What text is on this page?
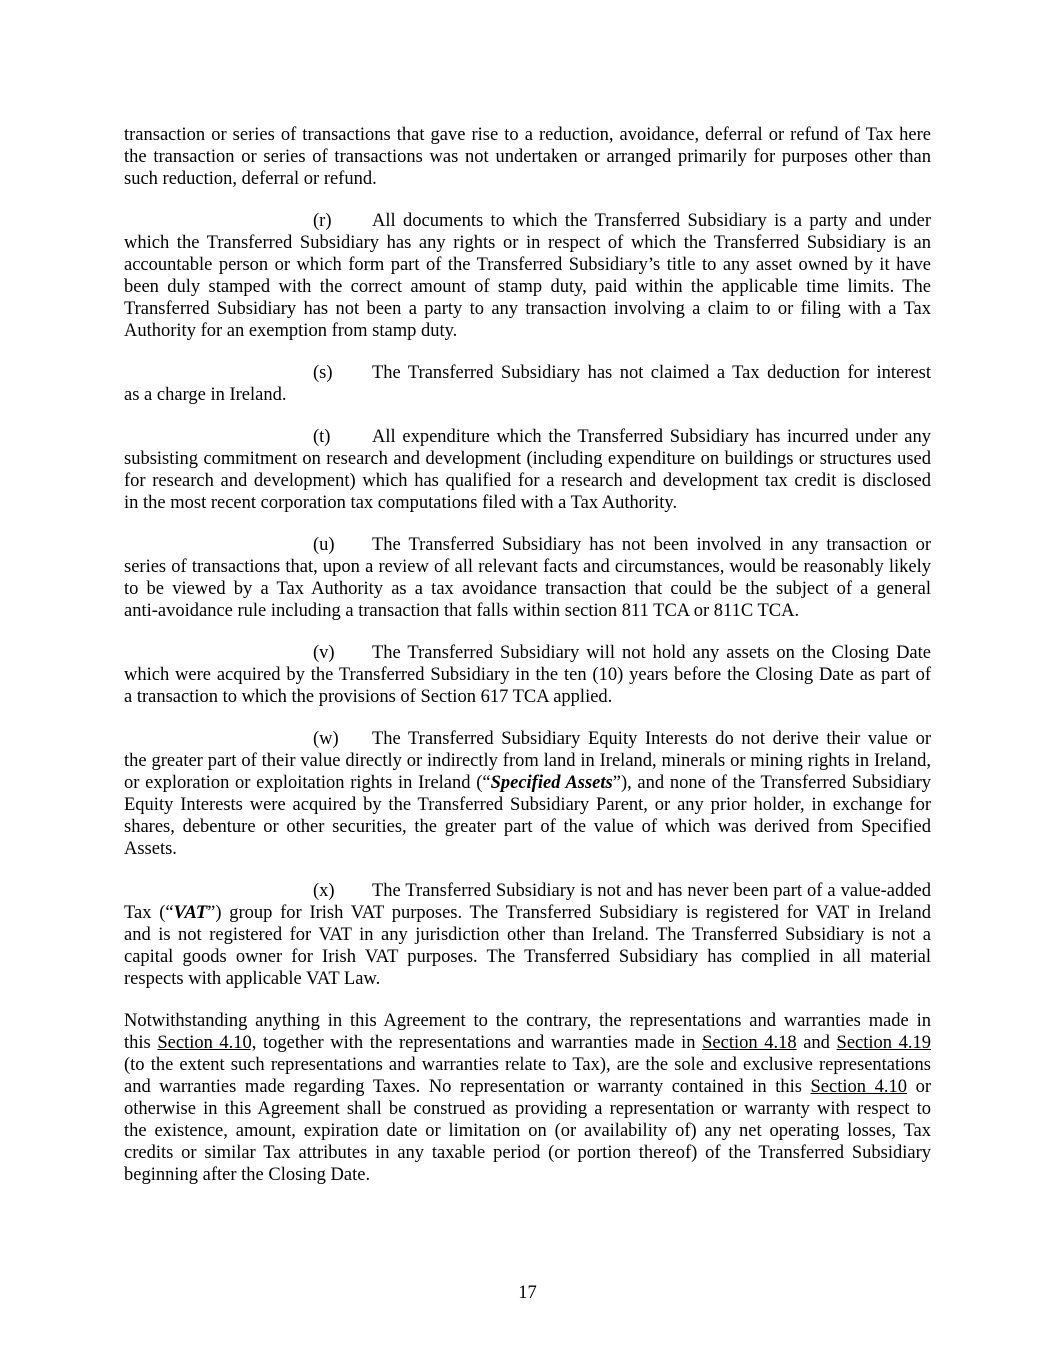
transaction or series of transactions that gave rise to a reduction, avoidance, deferral or refund of Tax here
the transaction or series of transactions was not undertaken or arranged primarily for purposes other than
such reduction, deferral or refund.
(r) All documents to which the Transferred Subsidiary is a party and under
which the Transferred Subsidiary has any rights or in respect of which the Transferred Subsidiary is an
accountable person or which form part of the Transferred Subsidiary’s title to any asset owned by it have
been duly stamped with the correct amount of stamp duty, paid within the applicable time limits. The
Transferred Subsidiary has not been a party to any transaction involving a claim to or filing with a Tax
Authority for an exemption from stamp duty.
(s) The Transferred Subsidiary has not claimed a Tax deduction for interest
as a charge in Ireland.
(t) All expenditure which the Transferred Subsidiary has incurred under any
subsisting commitment on research and development (including expenditure on buildings or structures used
for research and development) which has qualified for a research and development tax credit is disclosed
in the most recent corporation tax computations filed with a Tax Authority.
(u) The Transferred Subsidiary has not been involved in any transaction or
series of transactions that, upon a review of all relevant facts and circumstances, would be reasonably likely
to be viewed by a Tax Authority as a tax avoidance transaction that could be the subject of a general
anti-avoidance rule including a transaction that falls within section 811 TCA or 811C TCA.
(v) The Transferred Subsidiary will not hold any assets on the Closing Date
which were acquired by the Transferred Subsidiary in the ten (10) years before the Closing Date as part of
a transaction to which the provisions of Section 617 TCA applied.
(w) The Transferred Subsidiary Equity Interests do not derive their value or
the greater part of their value directly or indirectly from land in Ireland, minerals or mining rights in Ireland,
or exploration or exploitation rights in Ireland (“Specified Assets”), and none of the Transferred Subsidiary
Equity Interests were acquired by the Transferred Subsidiary Parent, or any prior holder, in exchange for
shares, debenture or other securities, the greater part of the value of which was derived from Specified
Assets.
(x) The Transferred Subsidiary is not and has never been part of a value-added
Tax (“VAT”) group for Irish VAT purposes. The Transferred Subsidiary is registered for VAT in Ireland
and is not registered for VAT in any jurisdiction other than Ireland. The Transferred Subsidiary is not a
capital goods owner for Irish VAT purposes. The Transferred Subsidiary has complied in all material
respects with applicable VAT Law.
Notwithstanding anything in this Agreement to the contrary, the representations and warranties made in
this Section 4.10, together with the representations and warranties made in Section 4.18 and Section 4.19
(to the extent such representations and warranties relate to Tax), are the sole and exclusive representations
and warranties made regarding Taxes. No representation or warranty contained in this Section 4.10 or
otherwise in this Agreement shall be construed as providing a representation or warranty with respect to
the existence, amount, expiration date or limitation on (or availability of) any net operating losses, Tax
credits or similar Tax attributes in any taxable period (or portion thereof) of the Transferred Subsidiary
beginning after the Closing Date.
17
